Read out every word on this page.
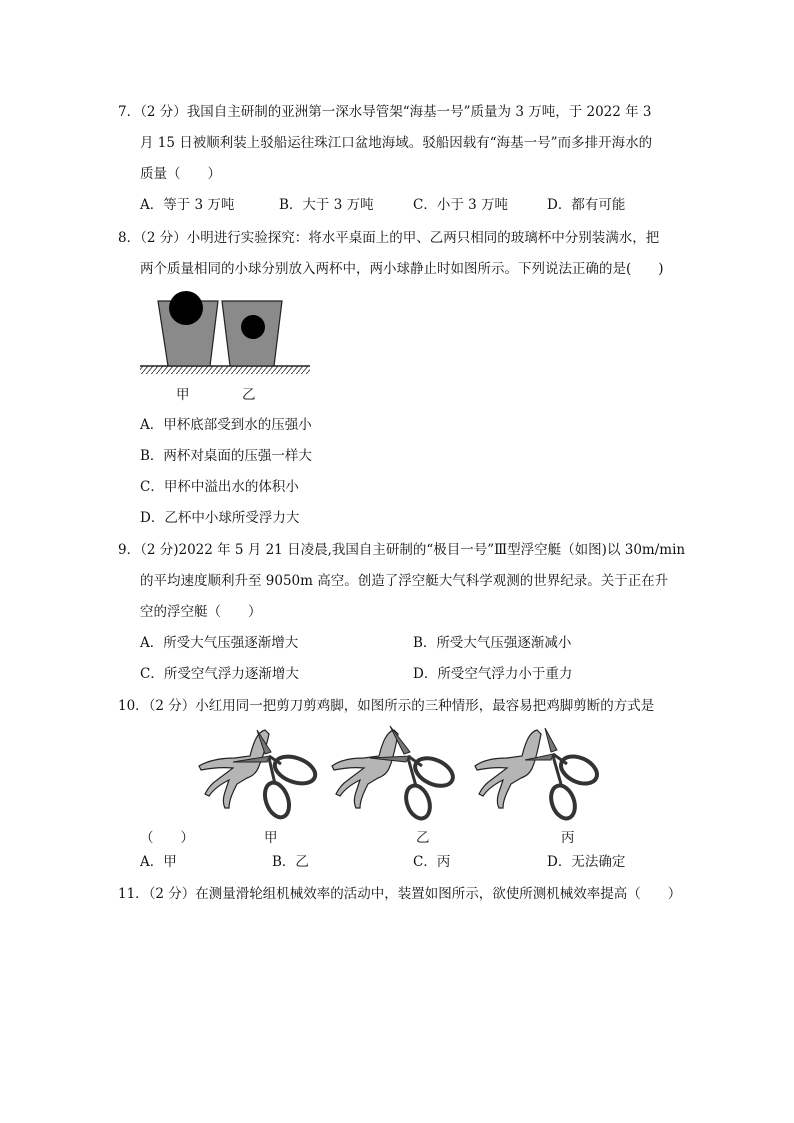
7．（2 分）我国自主研制的亚洲第一深水导管架“海基一号”质量为 3 万吨，于 2022 年 3
月 15 日被顺利装上驳船运往珠江口盆地海域。驳船因载有“海基一号”而多排开海水的
质量（　　）
A．等于 3 万吨	B．大于 3 万吨	C．小于 3 万吨	D．都有可能
8．（2 分）小明进行实验探究：将水平桌面上的甲、乙两只相同的玻璃杯中分别装满水，把
两个质量相同的小球分别放入两杯中，两小球静止时如图所示。下列说法正确的是(　　)
甲	乙
A．甲杯底部受到水的压强小
B．两杯对桌面的压强一样大
C．甲杯中溢出水的体积小
D．乙杯中小球所受浮力大
9．（2 分)2022 年 5 月 21 日凌晨,我国自主研制的“极目一号”Ⅲ型浮空艇（如图)以 30m/min
的平均速度顺利升至 9050m 高空。创造了浮空艇大气科学观测的世界纪录。关于正在升
空的浮空艇（　　）
A．所受大气压强逐渐增大	B．所受大气压强逐渐减小
C．所受空气浮力逐渐增大	D．所受空气浮力小于重力
10．（2 分）小红用同一把剪刀剪鸡脚，如图所示的三种情形，最容易把鸡脚剪断的方式是
（　　）	甲	乙	丙
A．甲	B．乙	C．丙	D．无法确定
11．（2 分）在测量滑轮组机械效率的活动中，装置如图所示，欲使所测机械效率提高（　　）
